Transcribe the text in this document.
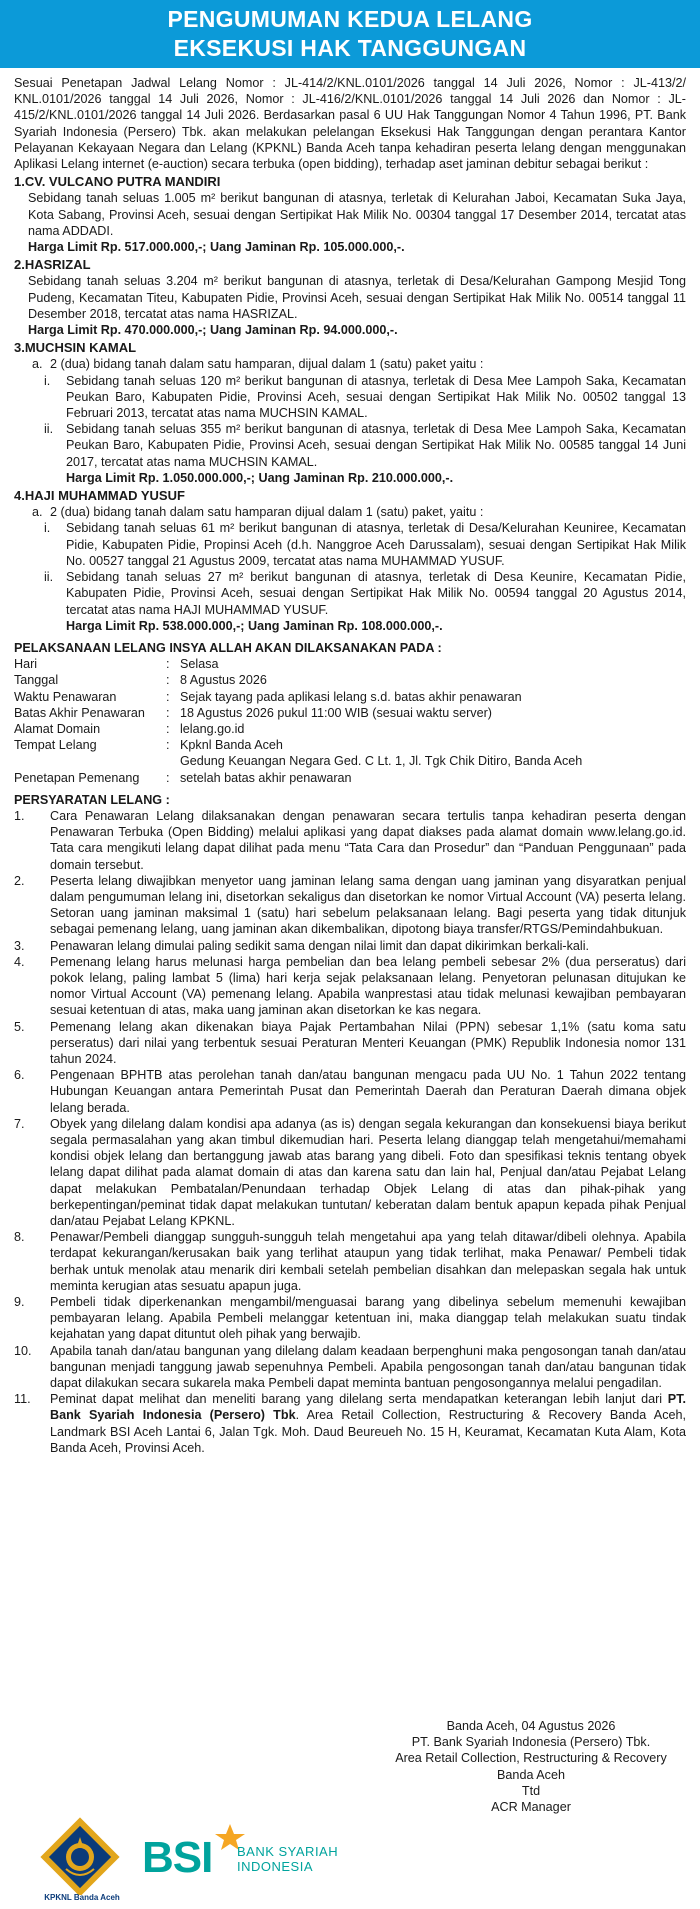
PENGUMUMAN KEDUA LELANG
EKSEKUSI HAK TANGGUNGAN

Sesuai Penetapan Jadwal Lelang Nomor : JL-414/2/KNL.0101/2026 tanggal 14 Juli 2026, Nomor : JL-413/2/ KNL.0101/2026 tanggal 14 Juli 2026, Nomor : JL-416/2/KNL.0101/2026 tanggal 14 Juli 2026 dan Nomor : JL-415/2/KNL.0101/2026 tanggal 14 Juli 2026. Berdasarkan pasal 6 UU Hak Tanggungan Nomor 4 Tahun 1996, PT. Bank Syariah Indonesia (Persero) Tbk. akan melakukan pelelangan Eksekusi Hak Tanggungan dengan perantara Kantor Pelayanan Kekayaan Negara dan Lelang (KPKNL) Banda Aceh tanpa kehadiran peserta lelang dengan menggunakan Aplikasi Lelang internet (e-auction) secara terbuka (open bidding), terhadap aset jaminan debitur sebagai berikut :

1.CV. VULCANO PUTRA MANDIRI
Sebidang tanah seluas 1.005 m² berikut bangunan di atasnya, terletak di Kelurahan Jaboi, Kecamatan Suka Jaya, Kota Sabang, Provinsi Aceh, sesuai dengan Sertipikat Hak Milik No. 00304 tanggal 17 Desember 2014, tercatat atas nama ADDADI.
Harga Limit Rp. 517.000.000,-; Uang Jaminan Rp. 105.000.000,-.
2.HASRIZAL
Sebidang tanah seluas 3.204 m² berikut bangunan di atasnya, terletak di Desa/Kelurahan Gampong Mesjid Tong Pudeng, Kecamatan Titeu, Kabupaten Pidie, Provinsi Aceh, sesuai dengan Sertipikat Hak Milik No. 00514 tanggal 11 Desember 2018, tercatat atas nama HASRIZAL.
Harga Limit Rp. 470.000.000,-; Uang Jaminan Rp. 94.000.000,-.
3.MUCHSIN KAMAL
a. 2 (dua) bidang tanah dalam satu hamparan, dijual dalam 1 (satu) paket yaitu :
i.	Sebidang tanah seluas 120 m² berikut bangunan di atasnya, terletak di Desa Mee Lampoh Saka, Kecamatan Peukan Baro, Kabupaten Pidie, Provinsi Aceh, sesuai dengan Sertipikat Hak Milik No. 00502 tanggal 13 Februari 2013, tercatat atas nama MUCHSIN KAMAL.
ii.	Sebidang tanah seluas 355 m² berikut bangunan di atasnya, terletak di Desa Mee Lampoh Saka, Kecamatan Peukan Baro, Kabupaten Pidie, Provinsi Aceh, sesuai dengan Sertipikat Hak Milik No. 00585 tanggal 14 Juni 2017, tercatat atas nama MUCHSIN KAMAL.
Harga Limit Rp. 1.050.000.000,-; Uang Jaminan Rp. 210.000.000,-.
4.HAJI MUHAMMAD YUSUF
a. 2 (dua) bidang tanah dalam satu hamparan dijual dalam 1 (satu) paket, yaitu :
i.	Sebidang tanah seluas 61 m² berikut bangunan di atasnya, terletak di Desa/Kelurahan Keuniree, Kecamatan Pidie, Kabupaten Pidie, Propinsi Aceh (d.h. Nanggroe Aceh Darussalam), sesuai dengan Sertipikat Hak Milik No. 00527 tanggal 21 Agustus 2009, tercatat atas nama MUHAMMAD YUSUF.
ii.	Sebidang tanah seluas 27 m² berikut bangunan di atasnya, terletak di Desa Keunire, Kecamatan Pidie, Kabupaten Pidie, Provinsi Aceh, sesuai dengan Sertipikat Hak Milik No. 00594 tanggal 20 Agustus 2014, tercatat atas nama HAJI MUHAMMAD YUSUF.
Harga Limit Rp. 538.000.000,-; Uang Jaminan Rp. 108.000.000,-.
PELAKSANAAN LELANG INSYA ALLAH AKAN DILAKSANAKAN PADA :
Hari	: Selasa
Tanggal	: 8 Agustus 2026
Waktu Penawaran	: Sejak tayang pada aplikasi lelang s.d. batas akhir penawaran
Batas Akhir Penawaran	: 18 Agustus 2026 pukul 11:00 WIB (sesuai waktu server)
Alamat Domain	: lelang.go.id
Tempat Lelang	: Kpknl Banda Aceh
Gedung Keuangan Negara Ged. C Lt. 1, Jl. Tgk Chik Ditiro, Banda Aceh
Penetapan Pemenang	: setelah batas akhir penawaran
PERSYARATAN LELANG :
1.	Cara Penawaran Lelang dilaksanakan dengan penawaran secara tertulis tanpa kehadiran peserta dengan Penawaran Terbuka (Open Bidding) melalui aplikasi yang dapat diakses pada alamat domain www.lelang.go.id. Tata cara mengikuti lelang dapat dilihat pada menu “Tata Cara dan Prosedur” dan “Panduan Penggunaan” pada domain tersebut.
2.	Peserta lelang diwajibkan menyetor uang jaminan lelang sama dengan uang jaminan yang disyaratkan penjual dalam pengumuman lelang ini, disetorkan sekaligus dan disetorkan ke nomor Virtual Account (VA) peserta lelang. Setoran uang jaminan maksimal 1 (satu) hari sebelum pelaksanaan lelang. Bagi peserta yang tidak ditunjuk sebagai pemenang lelang, uang jaminan akan dikembalikan, dipotong biaya transfer/RTGS/Pemindahbukuan.
3.	Penawaran lelang dimulai paling sedikit sama dengan nilai limit dan dapat dikirimkan berkali-kali.
4.	Pemenang lelang harus melunasi harga pembelian dan bea lelang pembeli sebesar 2% (dua perseratus) dari pokok lelang, paling lambat 5 (lima) hari kerja sejak pelaksanaan lelang. Penyetoran pelunasan ditujukan ke nomor Virtual Account (VA) pemenang lelang. Apabila wanprestasi atau tidak melunasi kewajiban pembayaran sesuai ketentuan di atas, maka uang jaminan akan disetorkan ke kas negara.
5.	Pemenang lelang akan dikenakan biaya Pajak Pertambahan Nilai (PPN) sebesar 1,1% (satu koma satu perseratus) dari nilai yang terbentuk sesuai Peraturan Menteri Keuangan (PMK) Republik Indonesia nomor 131 tahun 2024.
6.	Pengenaan BPHTB atas perolehan tanah dan/atau bangunan mengacu pada UU No. 1 Tahun 2022 tentang Hubungan Keuangan antara Pemerintah Pusat dan Pemerintah Daerah dan Peraturan Daerah dimana objek lelang berada.
7.	Obyek yang dilelang dalam kondisi apa adanya (as is) dengan segala kekurangan dan konsekuensi biaya berikut segala permasalahan yang akan timbul dikemudian hari. Peserta lelang dianggap telah mengetahui/memahami kondisi objek lelang dan bertanggung jawab atas barang yang dibeli. Foto dan spesifikasi teknis tentang obyek lelang dapat dilihat pada alamat domain di atas dan karena satu dan lain hal, Penjual dan/atau Pejabat Lelang dapat melakukan Pembatalan/Penundaan terhadap Objek Lelang di atas dan pihak-pihak yang berkepentingan/peminat tidak dapat melakukan tuntutan/ keberatan dalam bentuk apapun kepada pihak Penjual dan/atau Pejabat Lelang KPKNL.
8.	Penawar/Pembeli dianggap sungguh-sungguh telah mengetahui apa yang telah ditawar/dibeli olehnya. Apabila terdapat kekurangan/kerusakan baik yang terlihat ataupun yang tidak terlihat, maka Penawar/ Pembeli tidak berhak untuk menolak atau menarik diri kembali setelah pembelian disahkan dan melepaskan segala hak untuk meminta kerugian atas sesuatu apapun juga.
9.	Pembeli tidak diperkenankan mengambil/menguasai barang yang dibelinya sebelum memenuhi kewajiban pembayaran lelang. Apabila Pembeli melanggar ketentuan ini, maka dianggap telah melakukan suatu tindak kejahatan yang dapat dituntut oleh pihak yang berwajib.
10.	Apabila tanah dan/atau bangunan yang dilelang dalam keadaan berpenghuni maka pengosongan tanah dan/atau bangunan menjadi tanggung jawab sepenuhnya Pembeli. Apabila pengosongan tanah dan/atau bangunan tidak dapat dilakukan secara sukarela maka Pembeli dapat meminta bantuan pengosongannya melalui pengadilan.
11.	Peminat dapat melihat dan meneliti barang yang dilelang serta mendapatkan keterangan lebih lanjut dari PT. Bank Syariah Indonesia (Persero) Tbk. Area Retail Collection, Restructuring & Recovery Banda Aceh, Landmark BSI Aceh Lantai 6, Jalan Tgk. Moh. Daud Beureueh No. 15 H, Keuramat, Kecamatan Kuta Alam, Kota Banda Aceh, Provinsi Aceh.
Banda Aceh, 04 Agustus 2026
PT. Bank Syariah Indonesia (Persero) Tbk.
Area Retail Collection, Restructuring & Recovery
Banda Aceh
Ttd
ACR Manager
KPKNL Banda Aceh
BSI BANK SYARIAH
INDONESIA
